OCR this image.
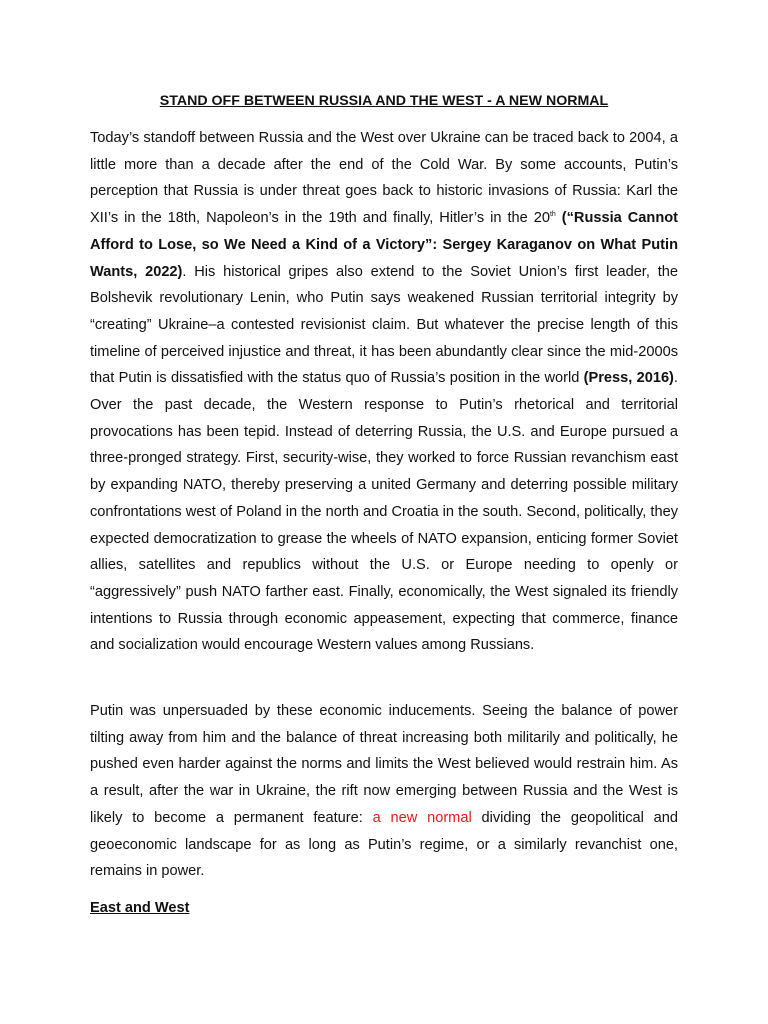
STAND OFF BETWEEN RUSSIA AND THE WEST - A NEW NORMAL

Today’s standoff between Russia and the West over Ukraine can be traced back to 2004, a little more than a decade after the end of the Cold War. By some accounts, Putin’s perception that Russia is under threat goes back to historic invasions of Russia: Karl the XII’s in the 18th, Napoleon’s in the 19th and finally, Hitler’s in the 20th (“Russia Cannot Afford to Lose, so We Need a Kind of a Victory”: Sergey Karaganov on What Putin Wants, 2022). His historical gripes also extend to the Soviet Union’s first leader, the Bolshevik revolutionary Lenin, who Putin says weakened Russian territorial integrity by “creating” Ukraine–a contested revisionist claim. But whatever the precise length of this timeline of perceived injustice and threat, it has been abundantly clear since the mid-2000s that Putin is dissatisfied with the status quo of Russia’s position in the world (Press, 2016). Over the past decade, the Western response to Putin’s rhetorical and territorial provocations has been tepid. Instead of deterring Russia, the U.S. and Europe pursued a three-pronged strategy. First, security-wise, they worked to force Russian revanchism east by expanding NATO, thereby preserving a united Germany and deterring possible military confrontations west of Poland in the north and Croatia in the south. Second, politically, they expected democratization to grease the wheels of NATO expansion, enticing former Soviet allies, satellites and republics without the U.S. or Europe needing to openly or “aggressively” push NATO farther east. Finally, economically, the West signaled its friendly intentions to Russia through economic appeasement, expecting that commerce, finance and socialization would encourage Western values among Russians.

Putin was unpersuaded by these economic inducements. Seeing the balance of power tilting away from him and the balance of threat increasing both militarily and politically, he pushed even harder against the norms and limits the West believed would restrain him. As a result, after the war in Ukraine, the rift now emerging between Russia and the West is likely to become a permanent feature: a new normal dividing the geopolitical and geoeconomic landscape for as long as Putin’s regime, or a similarly revanchist one, remains in power.

East and West
